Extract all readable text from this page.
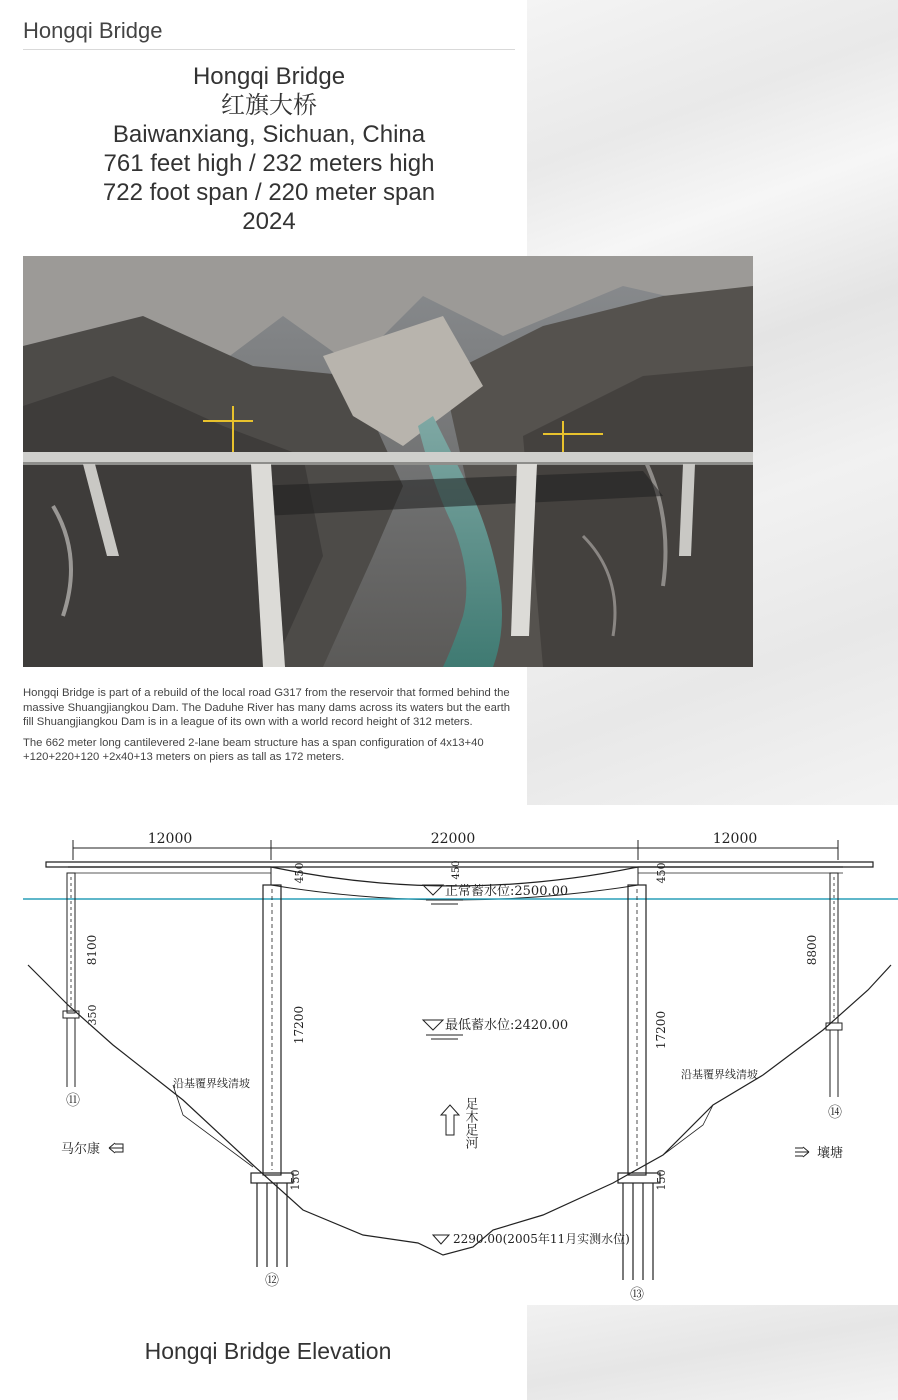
Hongqi Bridge
Hongqi Bridge
红旗大桥
Baiwanxiang, Sichuan, China
761 feet high / 232 meters high
722 foot span / 220 meter span
2024

Hongqi Bridge is part of a rebuild of the local road G317 from the reservoir that formed behind the massive Shuangjiangkou Dam. The Daduhe River has many dams across its waters but the earth fill Shuangjiangkou Dam is in a league of its own with a world record height of 312 meters.

The 662 meter long cantilevered 2-lane beam structure has a span configuration of 4x13+40 +120+220+120 +2x40+13 meters on piers as tall as 172 meters.

12000	22000	12000
⑪
8100
350
⑫
17200
450
150
⑬
17200
450
150
450
⑭
8800
正常蓄水位:2500.00
最低蓄水位:2420.00
2290.00(2005年11月实测水位)
足木足河
沿基覆界线清坡
沿基覆界线清坡
马尔康	壤塘
Hongqi Bridge Elevation
